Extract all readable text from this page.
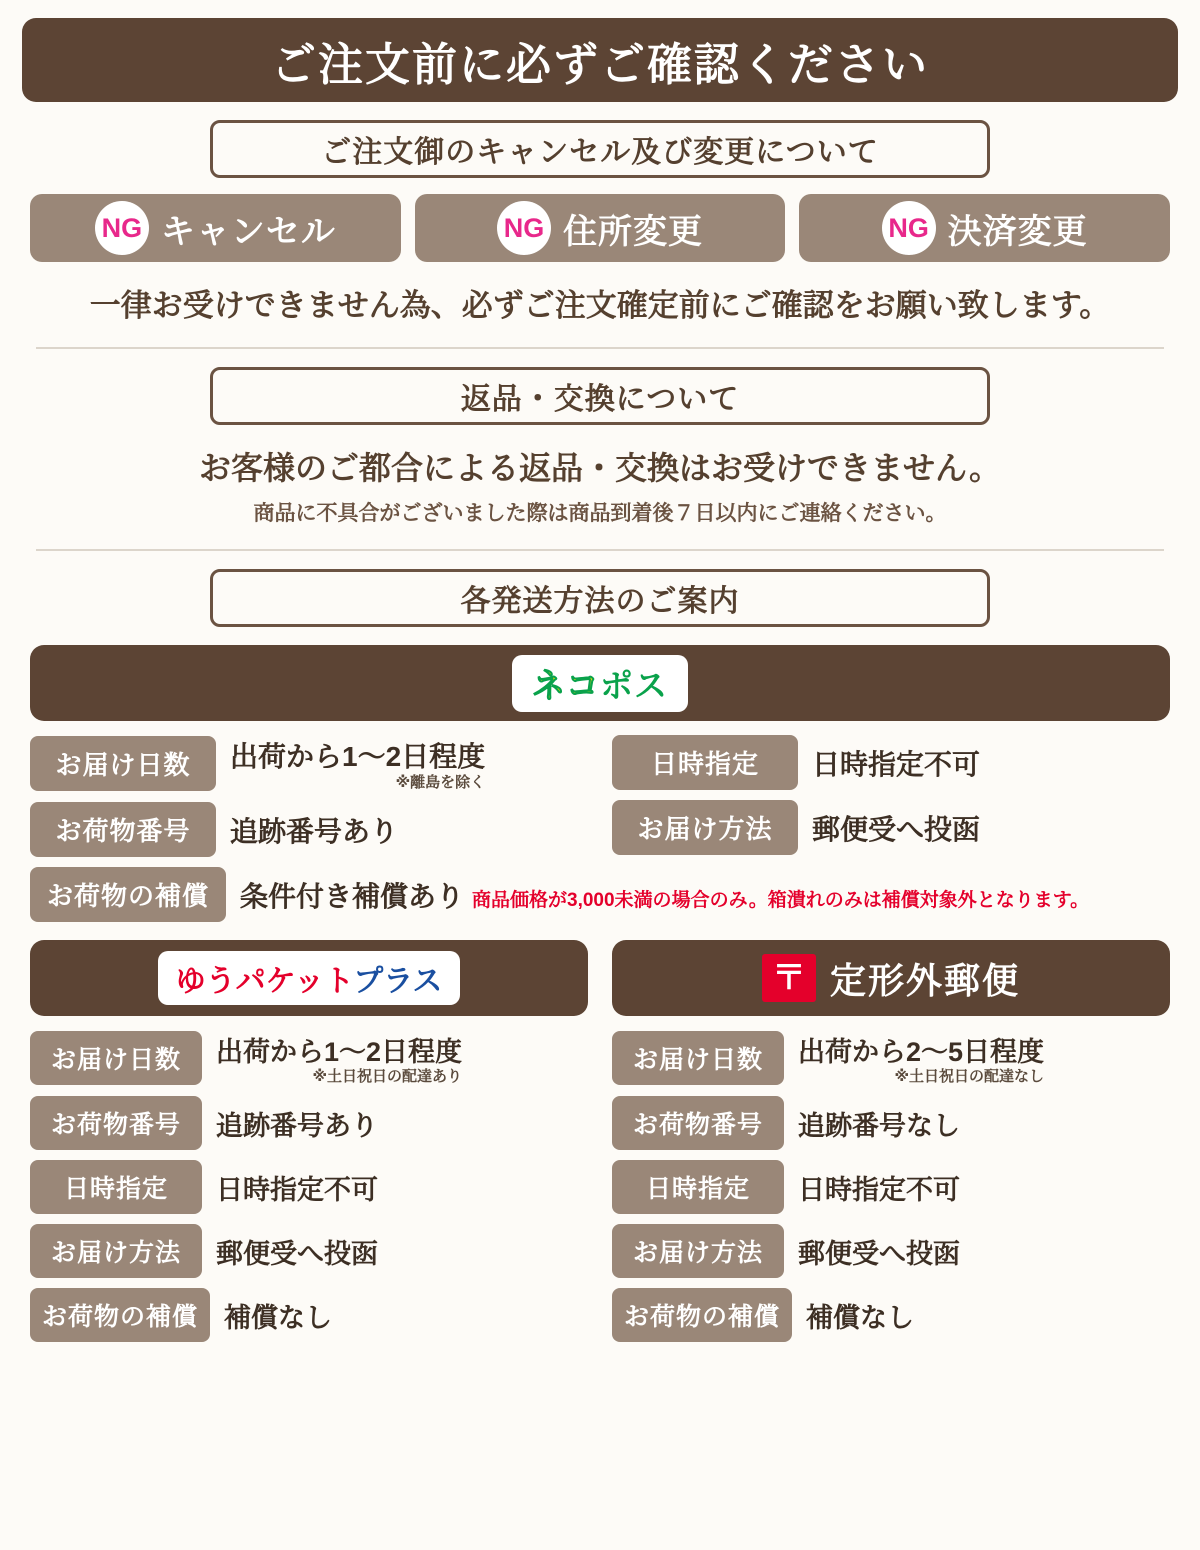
ご注文前に必ずご確認ください
ご注文御のキャンセル及び変更について
NG キャンセル	NG 住所変更	NG 決済変更
一律お受けできません為、必ずご注文確定前にご確認をお願い致します。
返品・交換について
お客様のご都合による返品・交換はお受けできません。
商品に不具合がございました際は商品到着後７日以内にご連絡ください。
各発送方法のご案内
ネコポス
お届け日数	出荷から1〜2日程度
※離島を除く
お荷物番号	追跡番号あり
日時指定	日時指定不可
お届け方法	郵便受へ投函
お荷物の補償	条件付き補償あり 商品価格が3,000未満の場合のみ。箱潰れのみは補償対象外となります。
ゆうパケットプラス
お届け日数	出荷から1〜2日程度
※土日祝日の配達あり
お荷物番号	追跡番号あり
日時指定	日時指定不可
お届け方法	郵便受へ投函
お荷物の補償 補償なし
〒 定形外郵便
お届け日数	出荷から2〜5日程度
※土日祝日の配達なし
お荷物番号	追跡番号なし
日時指定	日時指定不可
お届け方法	郵便受へ投函
お荷物の補償 補償なし
